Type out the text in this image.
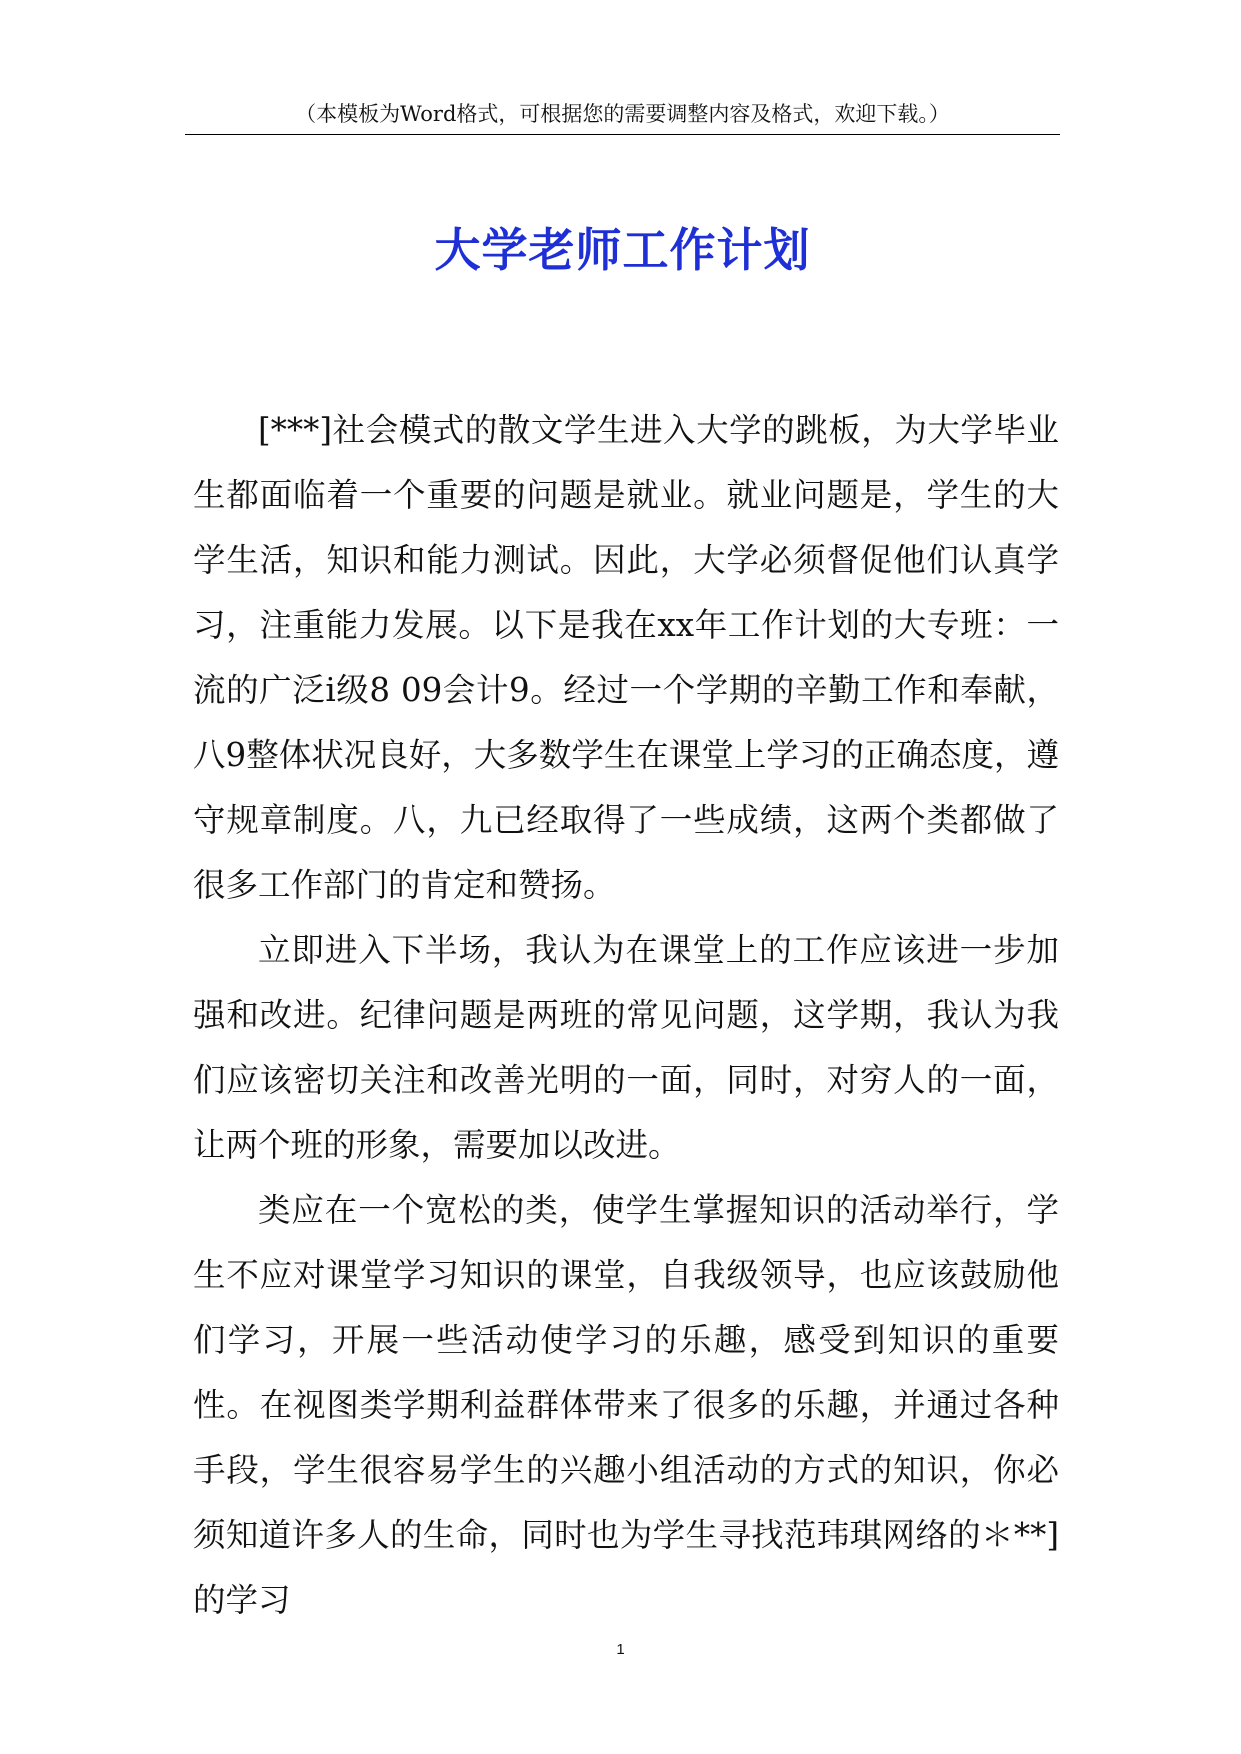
（本模板为Word格式，可根据您的需要调整内容及格式，欢迎下载。）
大学老师工作计划

[***]社会模式的散文学生进入大学的跳板，为大学毕业生都面临着一个重要的问题是就业。就业问题是，学生的大学生活，知识和能力测试。因此，大学必须督促他们认真学习，注重能力发展。以下是我在xx年工作计划的大专班：一流的广泛ⅰ级8 09会计9。经过一个学期的辛勤工作和奉献，八9整体状况良好，大多数学生在课堂上学习的正确态度，遵守规章制度。八，九已经取得了一些成绩，这两个类都做了很多工作部门的肯定和赞扬。

立即进入下半场，我认为在课堂上的工作应该进一步加强和改进。纪律问题是两班的常见问题，这学期，我认为我们应该密切关注和改善光明的一面，同时，对穷人的一面，让两个班的形象，需要加以改进。

类应在一个宽松的类，使学生掌握知识的活动举行，学生不应对课堂学习知识的课堂，自我级领导，也应该鼓励他们学习，开展一些活动使学习的乐趣，感受到知识的重要性。在视图类学期利益群体带来了很多的乐趣，并通过各种手段，学生很容易学生的兴趣小组活动的方式的知识，你必须知道许多人的生命，同时也为学生寻找范玮琪网络的＊**]的学习

1
